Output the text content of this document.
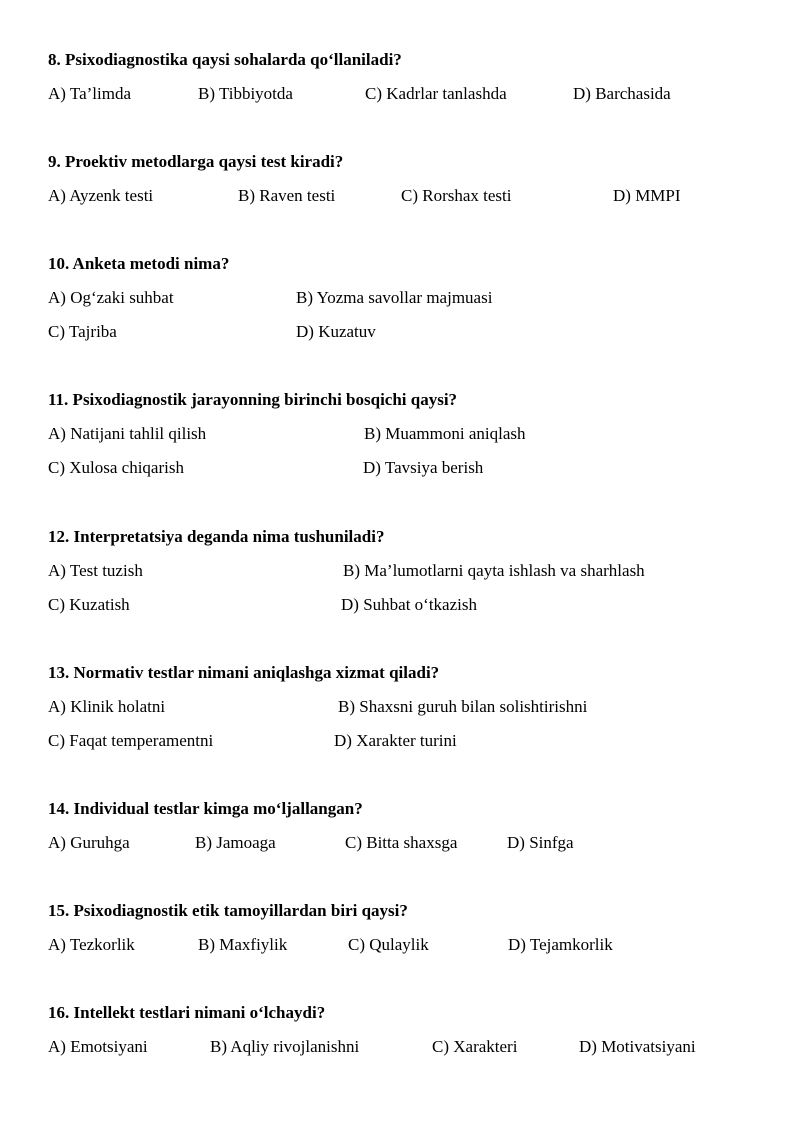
8. Psixodiagnostika qaysi sohalarda qo‘llaniladi?
A) Ta’limda	B) Tibbiyotda	C) Kadrlar tanlashda	D) Barchasida
9. Proektiv metodlarga qaysi test kiradi?
A) Ayzenk testi	B) Raven testi	C) Rorshax testi	D) MMPI
10. Anketa metodi nima?
A) Og‘zaki suhbat	B) Yozma savollar majmuasi
C) Tajriba	D) Kuzatuv
11. Psixodiagnostik jarayonning birinchi bosqichi qaysi?
A) Natijani tahlil qilish	B) Muammoni aniqlash
C) Xulosa chiqarish	D) Tavsiya berish
12. Interpretatsiya deganda nima tushuniladi?
A) Test tuzish	B) Ma’lumotlarni qayta ishlash va sharhlash
C) Kuzatish	D) Suhbat o‘tkazish
13. Normativ testlar nimani aniqlashga xizmat qiladi?
A) Klinik holatni	B) Shaxsni guruh bilan solishtirishni
C) Faqat temperamentni	D) Xarakter turini
14. Individual testlar kimga mo‘ljallangan?
A) Guruhga	B) Jamoaga	C) Bitta shaxsga	D) Sinfga
15. Psixodiagnostik etik tamoyillardan biri qaysi?
A) Tezkorlik	B) Maxfiylik	C) Qulaylik	D) Tejamkorlik
16. Intellekt testlari nimani o‘lchaydi?
A) Emotsiyani	B) Aqliy rivojlanishni	C) Xarakteri	D) Motivatsiyani
